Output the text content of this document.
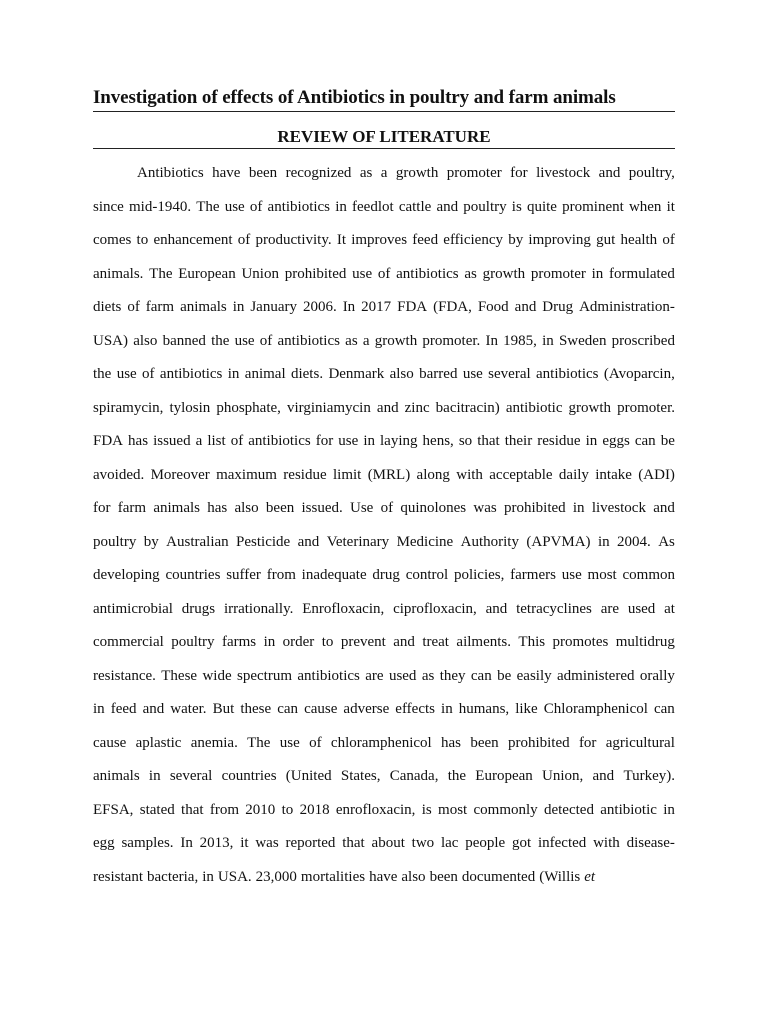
Investigation of effects of Antibiotics in poultry and farm animals
REVIEW OF LITERATURE
Antibiotics have been recognized as a growth promoter for livestock and poultry,
since mid-1940. The use of antibiotics in feedlot cattle and poultry is quite prominent when it
comes to enhancement of productivity. It improves feed efficiency by improving gut health of
animals. The European Union prohibited use of antibiotics as growth promoter in formulated
diets of farm animals in January 2006. In 2017 FDA (FDA, Food and Drug Administration-
USA) also banned the use of antibiotics as a growth promoter. In 1985, in Sweden proscribed
the use of antibiotics in animal diets. Denmark also barred use several antibiotics (Avoparcin,
spiramycin, tylosin phosphate, virginiamycin and zinc bacitracin) antibiotic growth promoter.
FDA has issued a list of antibiotics for use in laying hens, so that their residue in eggs can be
avoided. Moreover maximum residue limit (MRL) along with acceptable daily intake (ADI)
for farm animals has also been issued. Use of quinolones was prohibited in livestock and
poultry by Australian Pesticide and Veterinary Medicine Authority (APVMA) in 2004. As
developing countries suffer from inadequate drug control policies, farmers use most common
antimicrobial drugs irrationally. Enrofloxacin, ciprofloxacin, and tetracyclines are used at
commercial poultry farms in order to prevent and treat ailments. This promotes multidrug
resistance. These wide spectrum antibiotics are used as they can be easily administered orally
in feed and water. But these can cause adverse effects in humans, like Chloramphenicol can
cause aplastic anemia. The use of chloramphenicol has been prohibited for agricultural
animals in several countries (United States, Canada, the European Union, and Turkey).
EFSA, stated that from 2010 to 2018 enrofloxacin, is most commonly detected antibiotic in
egg samples. In 2013, it was reported that about two lac people got infected with disease-
resistant bacteria, in USA. 23,000 mortalities have also been documented (Willis et
